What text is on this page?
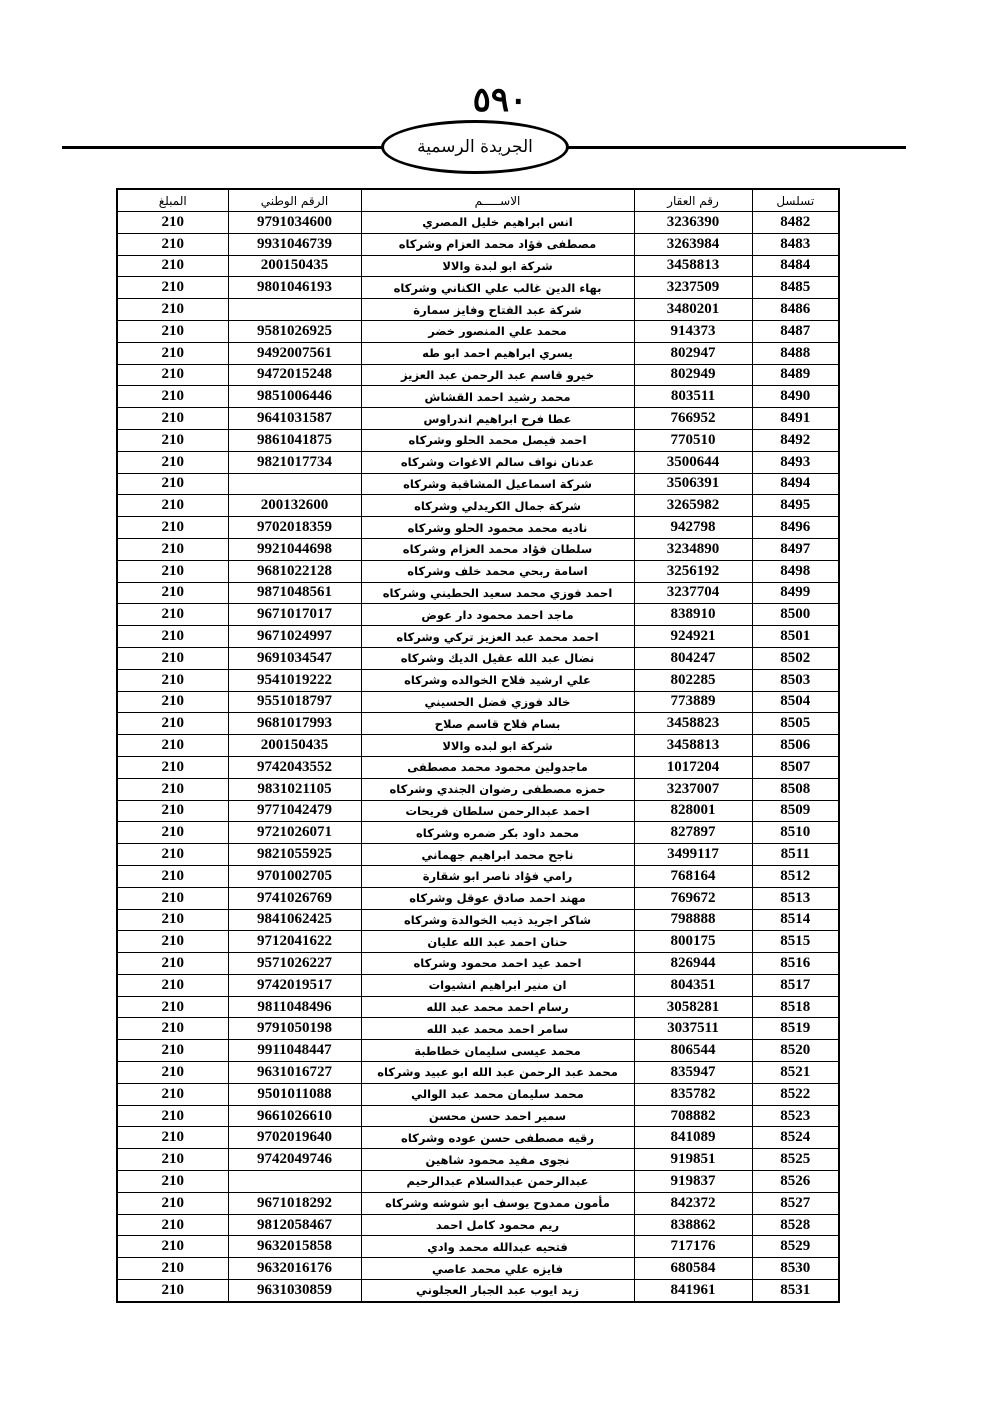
٥٩٠
الجريدة الرسمية
المبلغ	الرقم الوطني	الاســـــم	رقم العقار	تسلسل
210	9791034600	انس ابراهيم خليل المصري	3236390	8482
210	9931046739	مصطفى فؤاد محمد العزام وشركاه	3263984	8483
210	200150435	شركة ابو لبدة والالا	3458813	8484
210	9801046193	بهاء الدين غالب علي الكناني وشركاه	3237509	8485
210		شركة عبد الفتاح وفايز سمارة	3480201	8486
210	9581026925	محمد علي المنصور خضر	914373	8487
210	9492007561	يسري ابراهيم احمد ابو طه	802947	8488
210	9472015248	خيرو قاسم عبد الرحمن عبد العزيز	802949	8489
210	9851006446	محمد رشيد احمد القشاش	803511	8490
210	9641031587	عطا فرح ابراهيم اندراوس	766952	8491
210	9861041875	احمد فيصل محمد الحلو وشركاه	770510	8492
210	9821017734	عدنان نواف سالم الاغوات وشركاه	3500644	8493
210		شركة اسماعيل المشاقبة وشركاه	3506391	8494
210	200132600	شركة جمال الكريدلي وشركاه	3265982	8495
210	9702018359	ناديه محمد محمود الحلو وشركاه	942798	8496
210	9921044698	سلطان فؤاد محمد العزام وشركاه	3234890	8497
210	9681022128	اسامة ربحي محمد خلف وشركاه	3256192	8498
210	9871048561	احمد فوزي محمد سعيد الحطيني وشركاه	3237704	8499
210	9671017017	ماجد احمد محمود دار عوض	838910	8500
210	9671024997	احمد محمد عبد العزيز تركي وشركاه	924921	8501
210	9691034547	نضال عبد الله عقيل الديك وشركاه	804247	8502
210	9541019222	علي ارشيد فلاح الخوالده وشركاه	802285	8503
210	9551018797	خالد فوزي فضل الحسيني	773889	8504
210	9681017993	بسام فلاح قاسم صلاح	3458823	8505
210	200150435	شركة ابو لبده والالا	3458813	8506
210	9742043552	ماجدولين محمود محمد مصطفى	1017204	8507
210	9831021105	حمزه مصطفى رضوان الجندي وشركاه	3237007	8508
210	9771042479	احمد عبدالرحمن سلطان فريحات	828001	8509
210	9721026071	محمد داود بكر ضمره وشركاه	827897	8510
210	9821055925	ناجح محمد ابراهيم جهماني	3499117	8511
210	9701002705	رامي فؤاد ناصر ابو شقارة	768164	8512
210	9741026769	مهند احمد صادق عوقل وشركاه	769672	8513
210	9841062425	شاكر اجريد ذيب الخوالدة وشركاه	798888	8514
210	9712041622	حنان احمد عبد الله عليان	800175	8515
210	9571026227	احمد عيد احمد محمود وشركاه	826944	8516
210	9742019517	ان منير ابراهيم انشيوات	804351	8517
210	9811048496	رسام احمد محمد عبد الله	3058281	8518
210	9791050198	سامر احمد محمد عبد الله	3037511	8519
210	9911048447	محمد عيسى سليمان خطاطبة	806544	8520
210	9631016727	محمد عبد الرحمن عبد الله ابو عبيد وشركاه	835947	8521
210	9501011088	محمد سليمان محمد عبد الوالي	835782	8522
210	9661026610	سمير احمد حسن محسن	708882	8523
210	9702019640	رقيه مصطفى حسن عوده وشركاه	841089	8524
210	9742049746	نجوى مفيد محمود شاهين	919851	8525
210		عبدالرحمن عبدالسلام عبدالرحيم	919837	8526
210	9671018292	مأمون ممدوح يوسف ابو شوشه وشركاه	842372	8527
210	9812058467	ريم محمود كامل احمد	838862	8528
210	9632015858	فتحيه عبدالله محمد وادي	717176	8529
210	9632016176	فايزه علي محمد عاصي	680584	8530
210	9631030859	زيد ايوب عبد الجبار العجلوني	841961	8531
